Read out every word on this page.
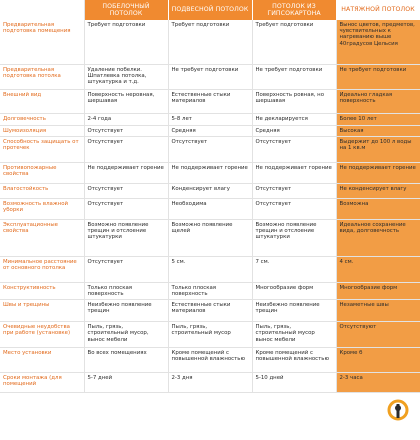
	ПОБЕЛОЧНЫЙ ПОТОЛОК	ПОДВЕСНОЙ ПОТОЛОК	ПОТОЛОК ИЗ ГИПСОКАРТОНА	НАТЯЖНОЙ ПОТОЛОК
Предварительная подготовка помещения	Требует подготовки	Требует подготовки	Требует подготовки	Вынос цветов, предметов, чувствительных к нагреванию выше 40градусов Цельсия
Предварительная подготовка потолка	Удаление побелки. Шпатлевка потолка, штукатурка и т.д.	Не требует подготовки	Не требует подготовки	Не требует подготовки
Внешний вид	Поверхность неровная, шершавая	Естественные стыки материалов	Поверхность ровная, но шершавая	Идеально гладкая поверхность
Долговечность	2-4 года	5-8 лет	Не декларируется	Более 10 лет
Шумоизоляция	Отсутствует	Средняя	Средняя	Высокая
Способность защищать от протечек	Отсутствует	Отсутствует	Отсутствует	Выдержит до 100 л воды на 1 кв.м
Противопожарные свойства	Не поддерживает горение	Не поддерживает горение	Не поддерживает горение	Не поддерживает горение
Влагостойкость	Отсутствует	Конденсирует влагу	Отсутствует	Не конденсирует влагу
Возможность влажной уборки	Отсутствует	Необходима	Отсутствует	Возможна
Эксплуатационные свойства	Возможно появление трещин и отслоение штукатурки	Возможно появление щелей	Возможно появление трещин и отслоение штукатурки	Идеальное сохранение вида, долговечность
Минимальное расстояние от основного потолка	Отсутствует	5 см.	7 см.	4 см.
Конструктивность	Только плоская поверхность	Только плоская поверхность	Многообразие форм	Многообразие форм
Швы и трещины	Неизбежно появление трещин	Естественные стыки материалов	Неизбежно появление трещин	Незаметные швы
Очевидные неудобства при работе (установке)	Пыль, грязь, строительный мусор, вынос мебели	Пыль, грязь, строительный мусор	Пыль, грязь, строительный мусор вынос мебели	Отсутствуют
Место установки	Во всех помещениях	Кроме помещений с повышенной влажностью	Кроме помещений с повышенной влажностью	Кроме б
Сроки монтажа (для помещений	5-7 дней	2-3 дня	5-10 дней	2-3 часа
